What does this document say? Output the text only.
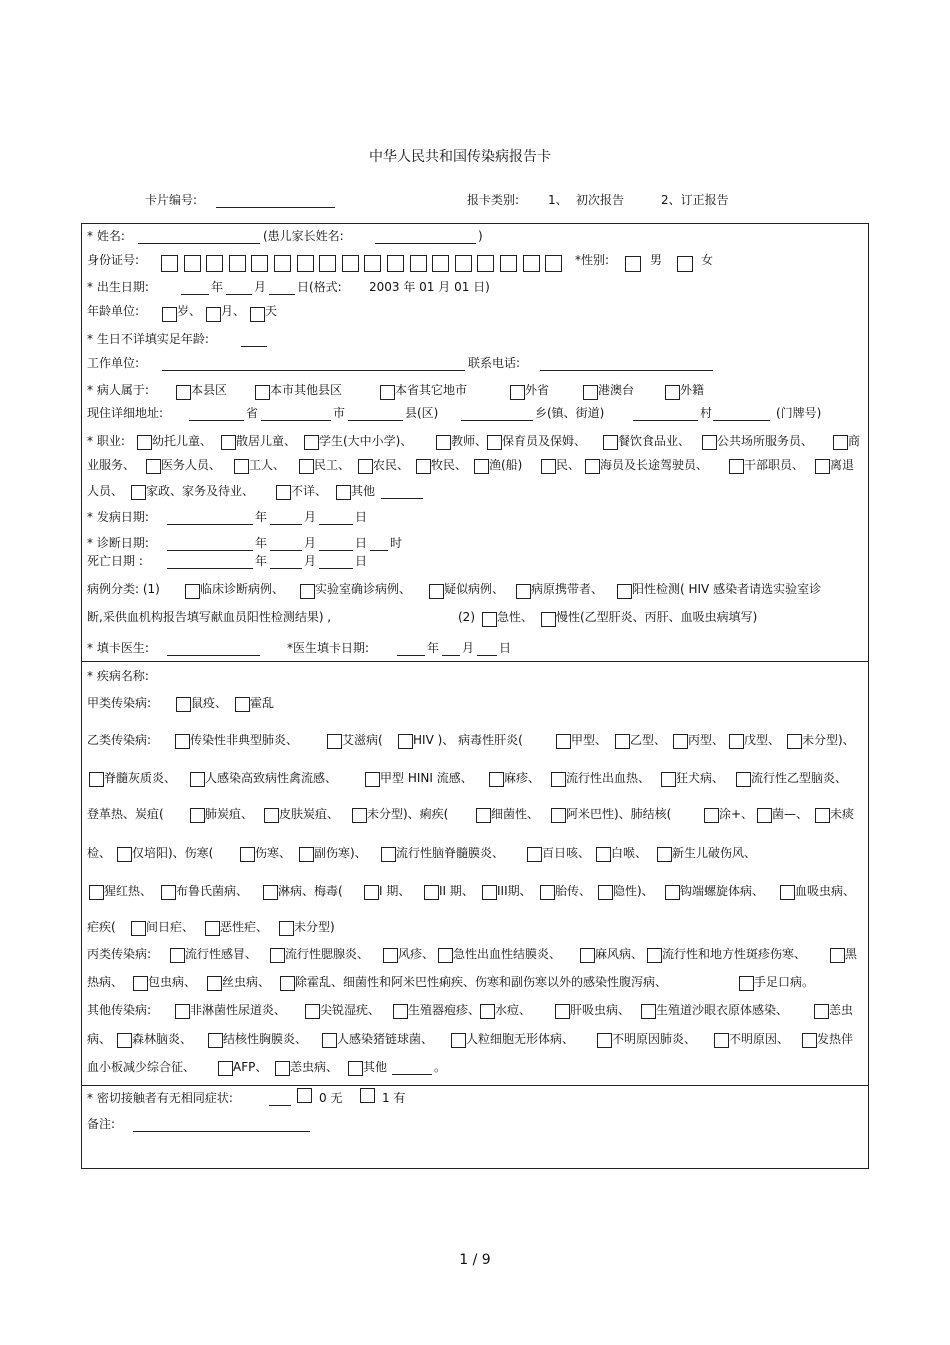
中华人民共和国传染病报告卡
卡片编号:	报卡类别: 1、 初次报告	2、订正报告
* 姓名:	(患儿家长姓名:	)
身份证号:	*性别:	男	女
* 出生日期:	年	月	日(格式: 2003 年 01 月 01 日)
年龄单位:	岁、 月、 天
* 生日不详填实足年龄:
工作单位:	联系电话:
* 病人属于:	本县区	本市其他县区	本省其它地市	外省	港澳台	外籍
现住详细地址:	省	市	县(区)	乡(镇、街道)	村	(门牌号)
* 职业: 幼托儿童、 散居儿童、 学生(大中小学)、	教师、 保育员及保姆、	餐饮食品业、 公共场所服务员、	商
业服务、 医务人员、 工人、 民工、 农民、 牧民、 渔(船)	民、 海员及长途驾驶员、	干部职员、 离退
人员、 家政、家务及待业、	不详、 其他
* 发病日期:	年	月	日
* 诊断日期:	年	月	日 时
死亡日期 :	年	月	日
病例分类: (1)	临床诊断病例、	实验室确诊病例、	疑似病例、 病原携带者、 阳性检测( HIV 感染者请选实验室诊
断,采供血机构报告填写献血员阳性检测结果) ,	(2) 急性、 慢性(乙型肝炎、丙肝、血吸虫病填写)
* 填卡医生:	*医生填卡日期:	年 月 日
* 疾病名称:
甲类传染病:	鼠疫、 霍乱
乙类传染病:	传染性非典型肺炎、	艾滋病(	HIV )、 病毒性肝炎(	甲型、 乙型、 丙型、 戊型、 未分型)、
脊髓灰质炎、 人感染高致病性禽流感、	甲型 HINI 流感、	麻疹、 流行性出血热、 狂犬病、 流行性乙型脑炎、
登革热、炭疽(	肺炭疽、 皮肤炭疽、 未分型)、痢疾(	细菌性、 阿米巴性)、肺结核(	涂+、 菌—、 未痰
检、 仅培阳)、伤寒(	伤寒、 副伤寒)、 流行性脑脊髓膜炎、	百日咳、 白喉、 新生儿破伤风、
猩红热、 布鲁氏菌病、 淋病、梅毒(	I 期、 II 期、 III期、 胎传、 隐性)、 钩端螺旋体病、	血吸虫病、
疟疾(	间日疟、 恶性疟、 未分型)
丙类传染病:	流行性感冒、 流行性腮腺炎、 风疹、 急性出血性结膜炎、	麻风病、 流行性和地方性斑疹伤寒、	黑
热病、 包虫病、 丝虫病、 除霍乱、细菌性和阿米巴性痢疾、伤寒和副伤寒以外的感染性腹泻病、	手足口病。
其他传染病:	非淋菌性尿道炎、	尖锐湿疣、 生殖器疱疹、 水痘、	肝吸虫病、 生殖道沙眼衣原体感染、	恙虫
病、 森林脑炎、	结核性胸膜炎、 人感染猪链球菌、	人粒细胞无形体病、	不明原因肺炎、	不明原因、 发热伴
血小板减少综合征、	AFP、 恙虫病、 其他	。
* 密切接触者有无相同症状:	0 无	1 有
备注:
1 / 9
